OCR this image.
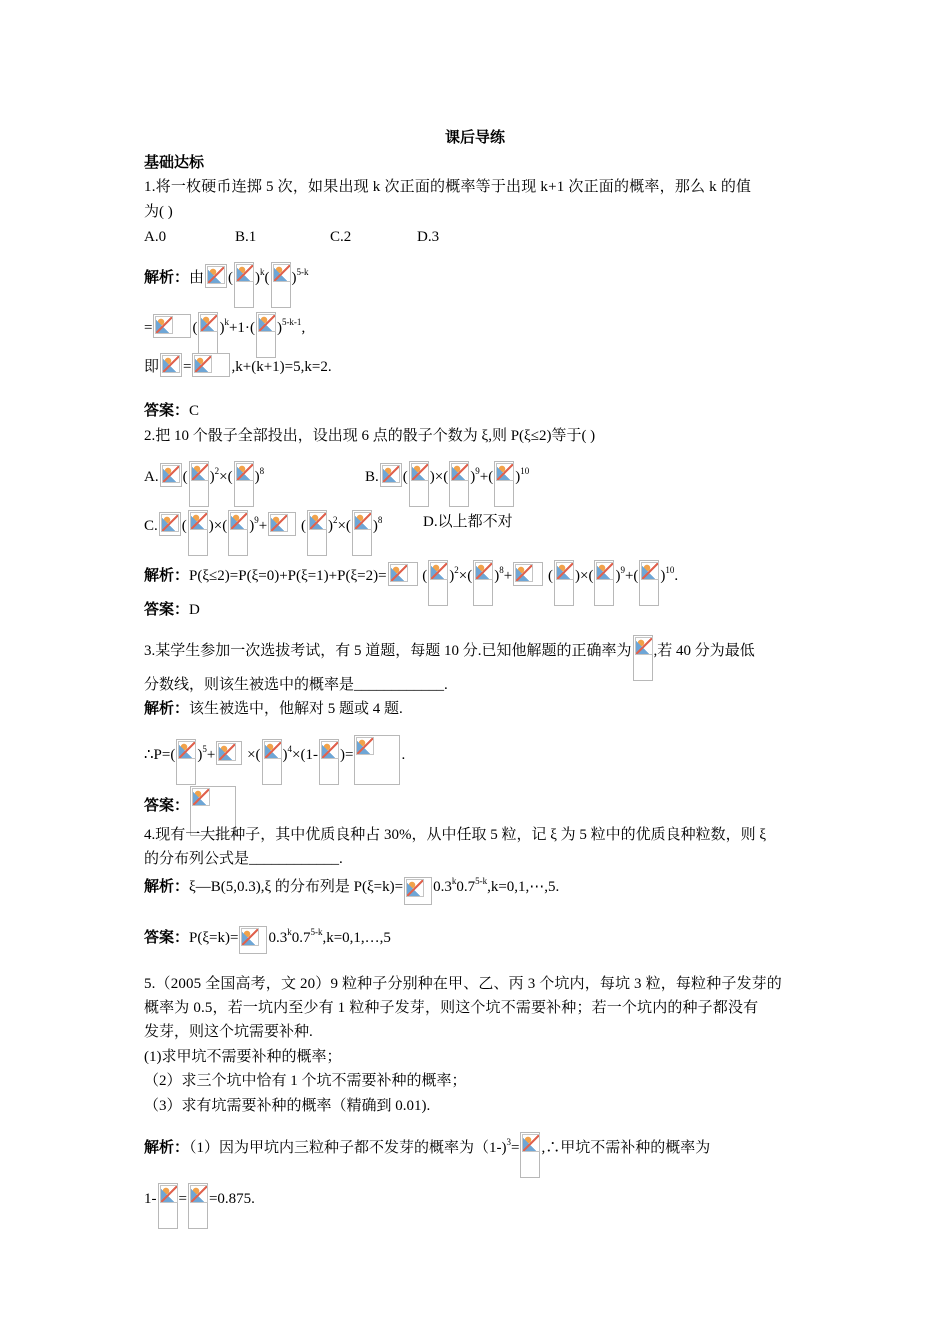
课后导练
基础达标
1.将一枚硬币连掷 5 次，如果出现 k 次正面的概率等于出现 k+1 次正面的概率，那么 k 的值
为( )
A.0	B.1	C.2	D.3
解析：由 ( )$^k$( )$^{5-k}$
=	( )$^k$+1·( )$^{5-k-1}$,
即 =	,k+(k+1)=5,k=2.
答案：C
2.把 10 个骰子全部投出，设出现 6 点的骰子个数为 ξ,则 P(ξ≤2)等于( )
A. ( )$^2$×( )$^8$	B. ( )×( )$^9$+( )$^{10}$
C. ( )×( )$^9$+ ( )$^2$×( )$^8$	D.以上都不对
解析：P(ξ≤2)=P(ξ=0)+P(ξ=1)+P(ξ=2)= ( )$^2$×( )$^8$+ ( )×( )$^9$+( )$^{10}$.
答案：D
3.某学生参加一次选拔考试，有 5 道题，每题 10 分.已知他解题的正确率为 ,若 40 分为最低
分数线，则该生被选中的概率是____________.
解析：该生被选中，他解对 5 题或 4 题.
∴P=( )$^5$+ ×( )$^4$×(1- )=	.
答案：
4.现有一大批种子，其中优质良种占 30%，从中任取 5 粒，记 ξ 为 5 粒中的优质良种粒数，则 ξ
的分布列公式是____________.
解析：ξ—B(5,0.3),ξ 的分布列是 $P(\xi=k)= 0.3^k0.7^{5-k},k=0,1,\cdots,5$.
答案：$P(\xi=k)= 0.3^k0.7^{5-k},k=0,1,\dots,5$
5.（2005 全国高考，文 20）9 粒种子分别种在甲、乙、丙 3 个坑内，每坑 3 粒，每粒种子发芽的
概率为 0.5，若一坑内至少有 1 粒种子发芽，则这个坑不需要补种；若一个坑内的种子都没有
发芽，则这个坑需要补种.
(1)求甲坑不需要补种的概率；
（2）求三个坑中恰有 1 个坑不需要补种的概率；
（3）求有坑需要补种的概率（精确到 0.01).
解析：（1）因为甲坑内三粒种子都不发芽的概率为（1-)$^3$= ,∴甲坑不需补种的概率为
1- = =0.875.
